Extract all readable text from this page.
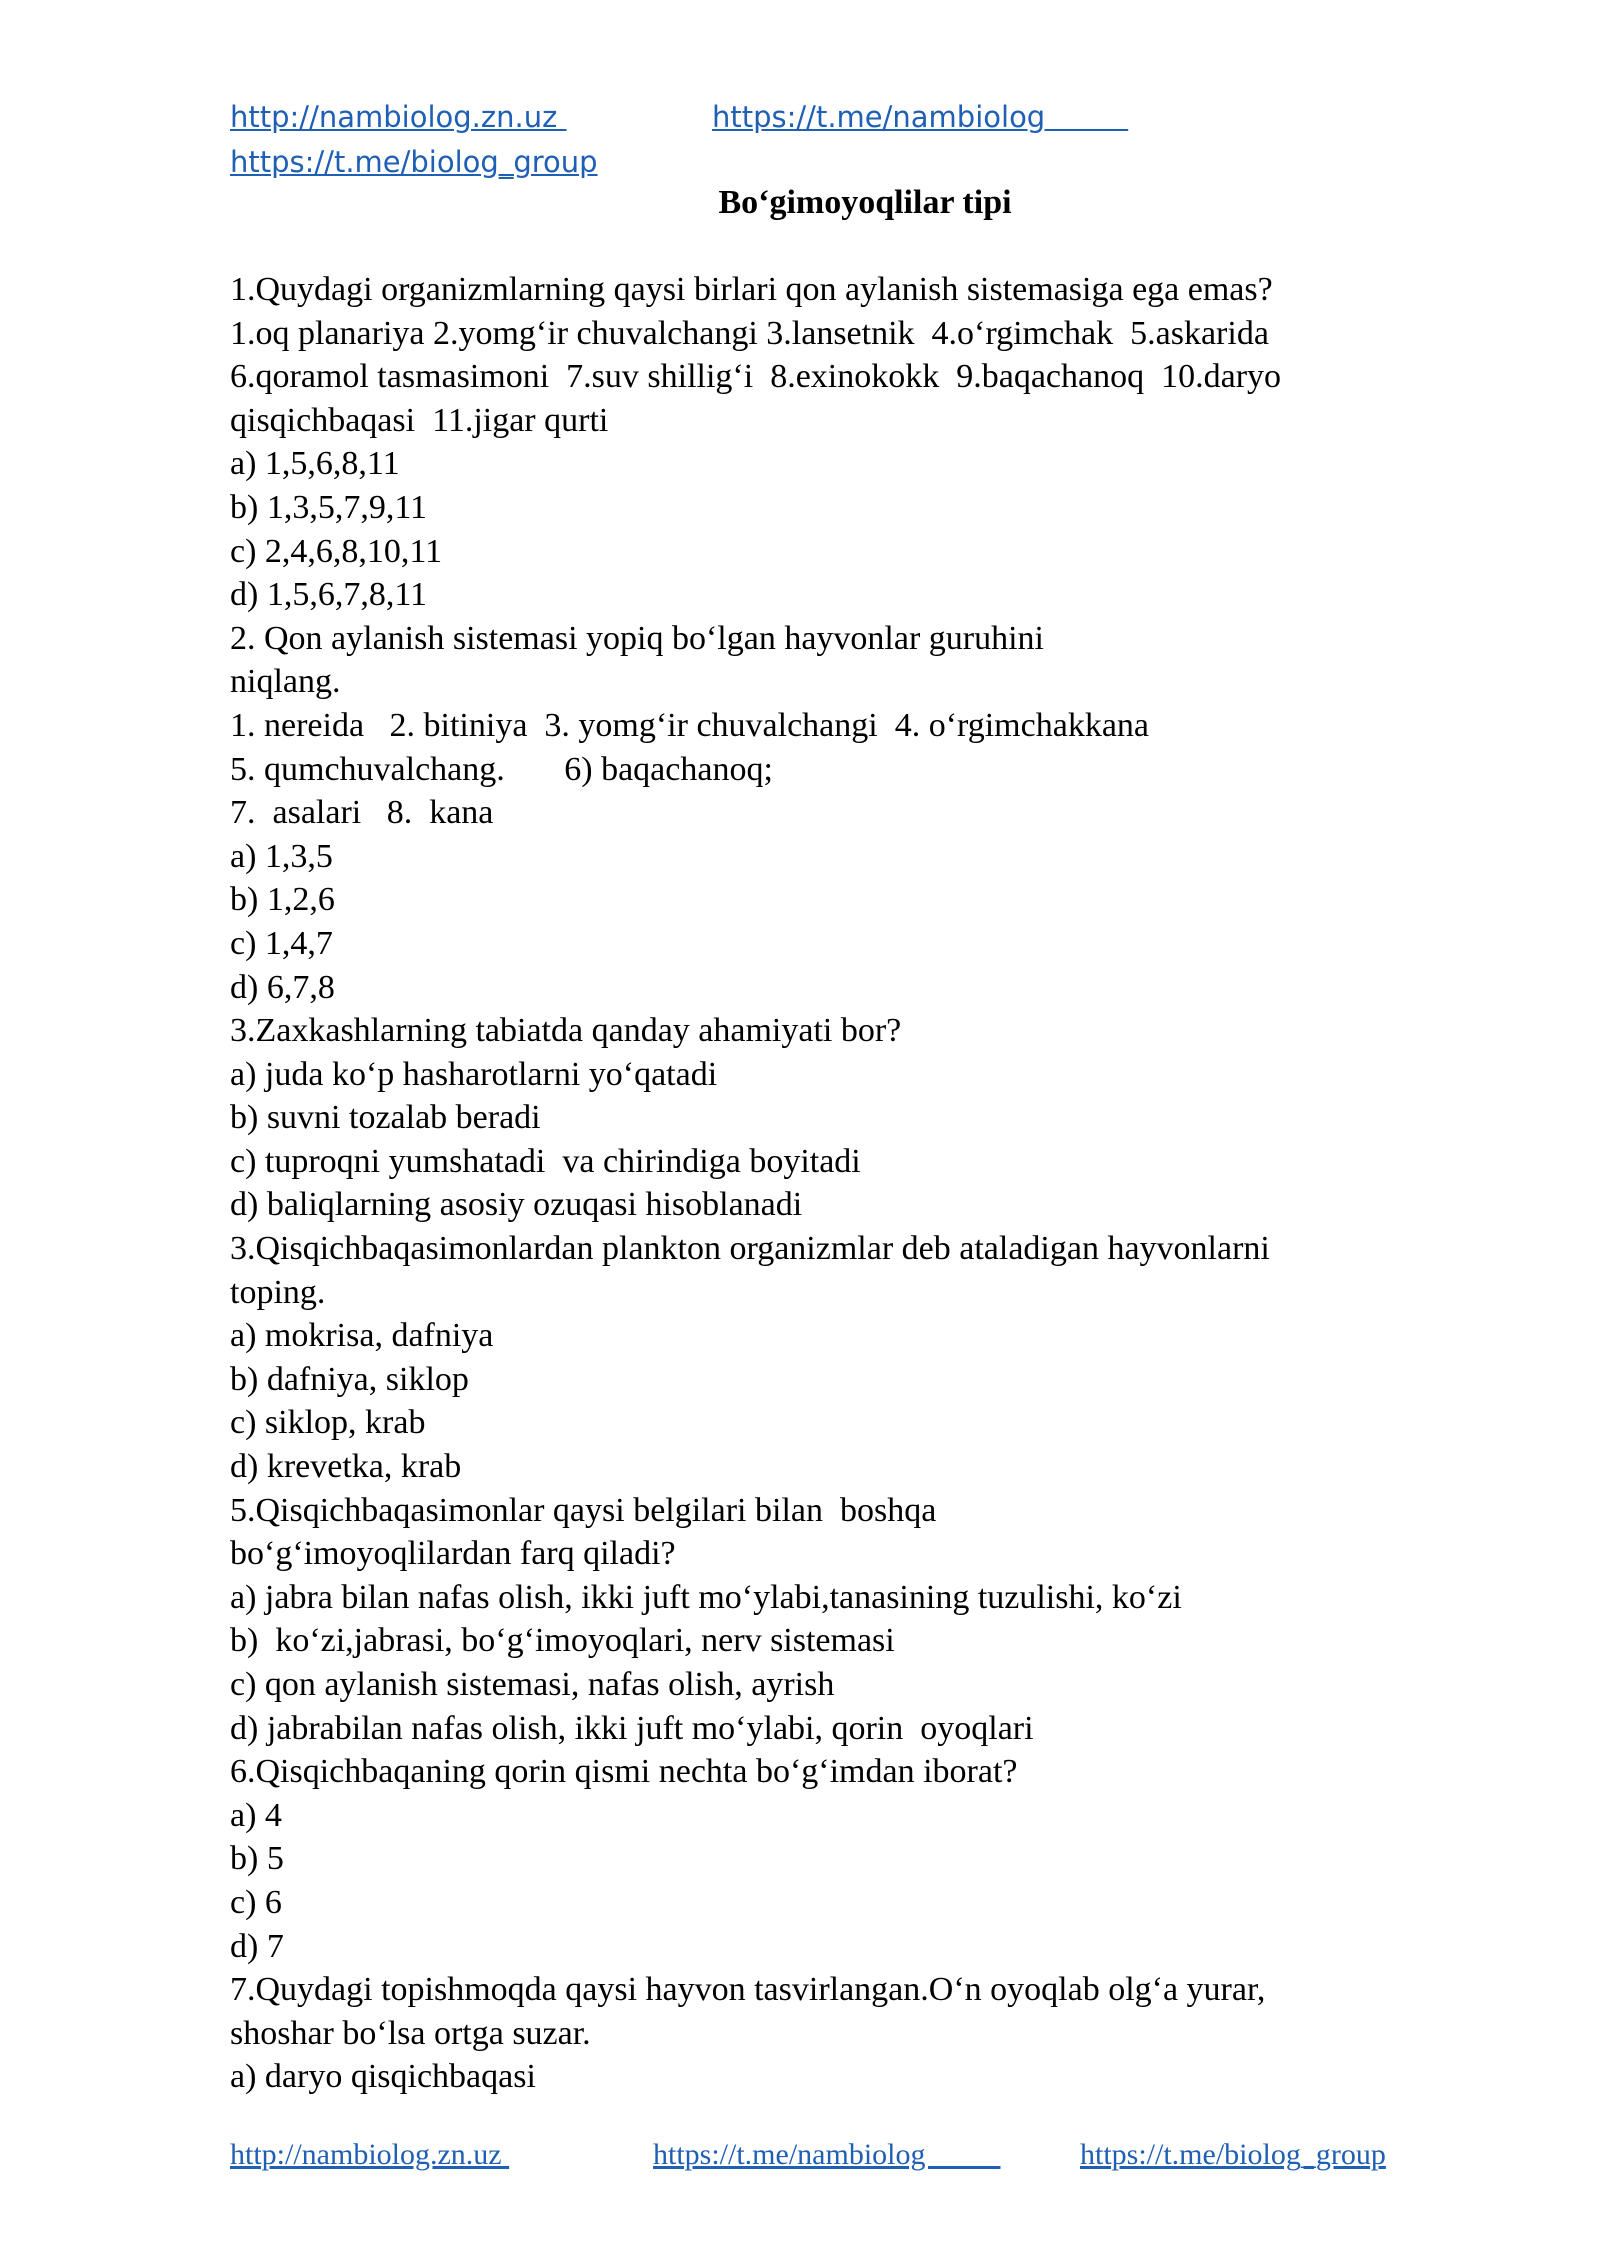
http://nambiolog.zn.uz	https://t.me/nambiolog
https://t.me/biolog_group
Bo‘gimoyoqlilar tipi
1.Quydagi organizmlarning qaysi birlari qon aylanish sistemasiga ega emas?
1.oq planariya 2.yomg‘ir chuvalchangi 3.lansetnik  4.o‘rgimchak  5.askarida
6.qoramol tasmasimoni  7.suv shillig‘i  8.exinokokk  9.baqachanoq  10.daryo
qisqichbaqasi  11.jigar qurti
a) 1,5,6,8,11
b) 1,3,5,7,9,11
c) 2,4,6,8,10,11
d) 1,5,6,7,8,11
2. Qon aylanish sistemasi yopiq bo‘lgan hayvonlar guruhini
niqlang.
1. nereida   2. bitiniya  3. yomg‘ir chuvalchangi  4. o‘rgimchakkana
5. qumchuvalchang.       6) baqachanoq;
7.  asalari   8.  kana
a) 1,3,5
b) 1,2,6
c) 1,4,7
d) 6,7,8
3.Zaxkashlarning tabiatda qanday ahamiyati bor?
a) juda ko‘p hasharotlarni yo‘qatadi
b) suvni tozalab beradi
c) tuproqni yumshatadi  va chirindiga boyitadi
d) baliqlarning asosiy ozuqasi hisoblanadi
3.Qisqichbaqasimonlardan plankton organizmlar deb ataladigan hayvonlarni
toping.
a) mokrisa, dafniya
b) dafniya, siklop
c) siklop, krab
d) krevetka, krab
5.Qisqichbaqasimonlar qaysi belgilari bilan  boshqa
bo‘g‘imoyoqlilardan farq qiladi?
a) jabra bilan nafas olish, ikki juft mo‘ylabi,tanasining tuzulishi, ko‘zi
b)  ko‘zi,jabrasi, bo‘g‘imoyoqlari, nerv sistemasi
c) qon aylanish sistemasi, nafas olish, ayrish
d) jabrabilan nafas olish, ikki juft mo‘ylabi, qorin  oyoqlari
6.Qisqichbaqaning qorin qismi nechta bo‘g‘imdan iborat?
a) 4
b) 5
c) 6
d) 7
7.Quydagi topishmoqda qaysi hayvon tasvirlangan.O‘n oyoqlab olg‘a yurar,
shoshar bo‘lsa ortga suzar.
a) daryo qisqichbaqasi
http://nambiolog.zn.uz	https://t.me/nambiolog	https://t.me/biolog_group
